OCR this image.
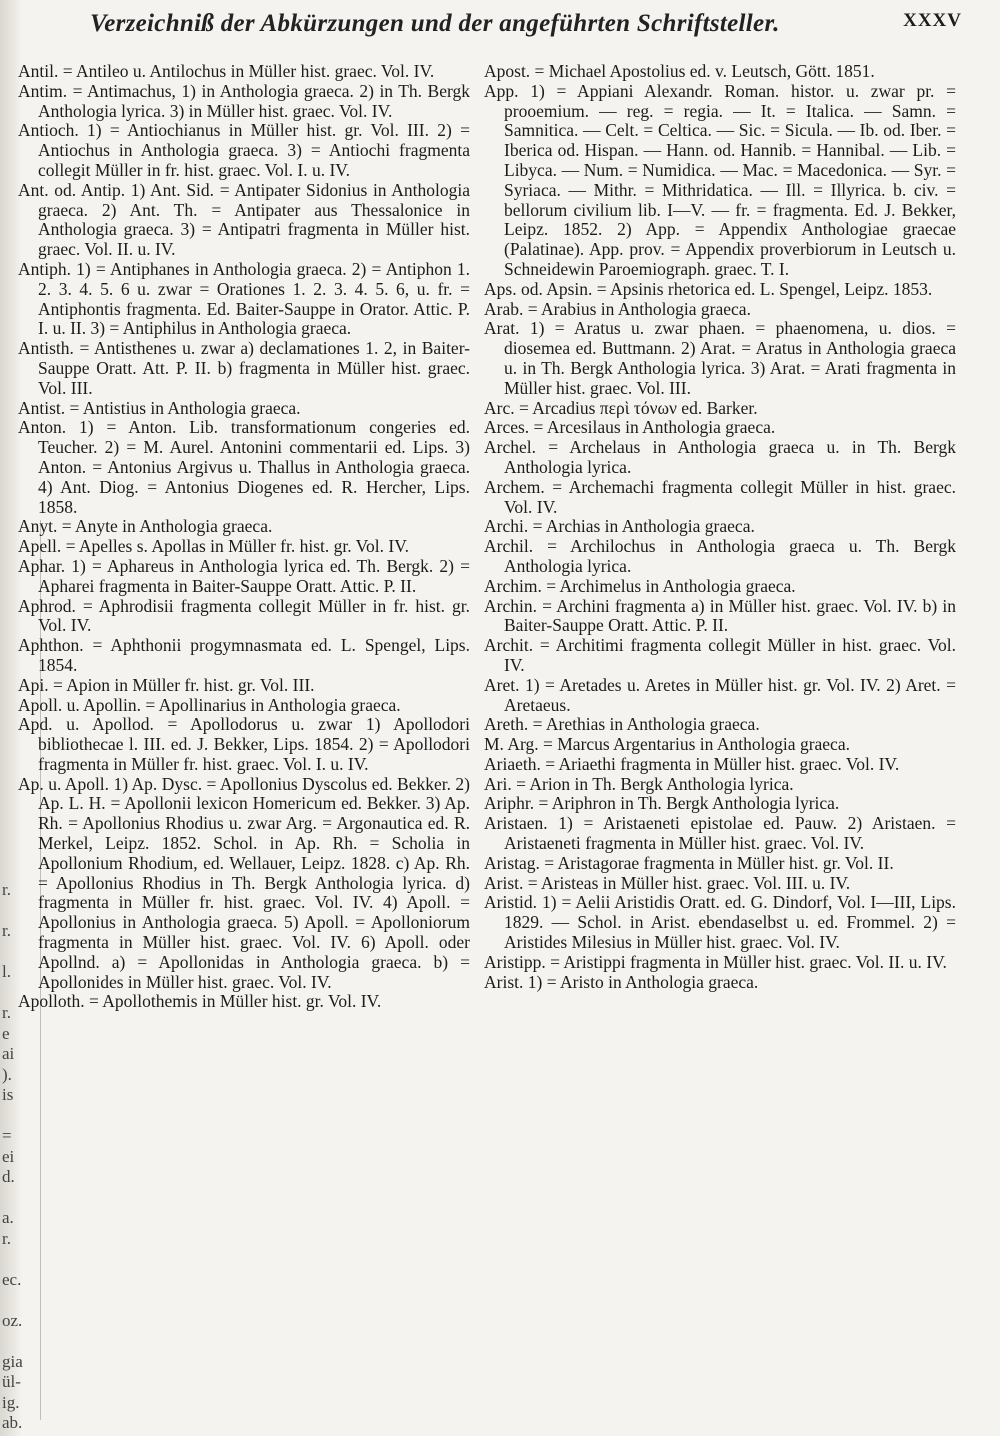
r.
r.
l.
r.
e
ai
).
is
=
ei
d.
a.
r.
ec.
oz.
gia
ül-
ig.
ab.
Verzeichniß der Abkürzungen und der angeführten Schriftsteller.	XXXV
Antil. = Antileo u. Antilochus in Müller hist. graec. Vol. IV.
Antim. = Antimachus, 1) in Anthologia graeca. 2) in Th. Bergk Anthologia lyrica. 3) in Müller hist. graec. Vol. IV.
Antioch. 1) = Antiochianus in Müller hist. gr. Vol. III. 2) = Antiochus in Anthologia graeca. 3) = Antiochi fragmenta collegit Müller in fr. hist. graec. Vol. I. u. IV.
Ant. od. Antip. 1) Ant. Sid. = Antipater Sidonius in Anthologia graeca. 2) Ant. Th. = Antipater aus Thessalonice in Anthologia graeca. 3) = Antipatri fragmenta in Müller hist. graec. Vol. II. u. IV.
Antiph. 1) = Antiphanes in Anthologia graeca. 2) = Antiphon 1. 2. 3. 4. 5. 6 u. zwar = Orationes 1. 2. 3. 4. 5. 6, u. fr. = Antiphontis fragmenta. Ed. Baiter-Sauppe in Orator. Attic. P. I. u. II. 3) = Antiphilus in Anthologia graeca.
Antisth. = Antisthenes u. zwar a) declamationes 1. 2, in Baiter-Sauppe Oratt. Att. P. II. b) fragmenta in Müller hist. graec. Vol. III.
Antist. = Antistius in Anthologia graeca.
Anton. 1) = Anton. Lib. transformationum congeries ed. Teucher. 2) = M. Aurel. Antonini commentarii ed. Lips. 3) Anton. = Antonius Argivus u. Thallus in Anthologia graeca. 4) Ant. Diog. = Antonius Diogenes ed. R. Hercher, Lips. 1858.
Anyt. = Anyte in Anthologia graeca.
Apell. = Apelles s. Apollas in Müller fr. hist. gr. Vol. IV.
Aphar. 1) = Aphareus in Anthologia lyrica ed. Th. Bergk. 2) = Apharei fragmenta in Baiter-Sauppe Oratt. Attic. P. II.
Aphrod. = Aphrodisii fragmenta collegit Müller in fr. hist. gr. Vol. IV.
Aphthon. = Aphthonii progymnasmata ed. L. Spengel, Lips. 1854.
Api. = Apion in Müller fr. hist. gr. Vol. III.
Apoll. u. Apollin. = Apollinarius in Anthologia graeca.
Apd. u. Apollod. = Apollodorus u. zwar 1) Apollodori bibliothecae l. III. ed. J. Bekker, Lips. 1854. 2) = Apollodori fragmenta in Müller fr. hist. graec. Vol. I. u. IV.
Ap. u. Apoll. 1) Ap. Dysc. = Apollonius Dyscolus ed. Bekker. 2) Ap. L. H. = Apollonii lexicon Homericum ed. Bekker. 3) Ap. Rh. = Apollonius Rhodius u. zwar Arg. = Argonautica ed. R. Merkel, Leipz. 1852. Schol. in Ap. Rh. = Scholia in Apollonium Rhodium, ed. Wellauer, Leipz. 1828. c) Ap. Rh. = Apollonius Rhodius in Th. Bergk Anthologia lyrica. d) fragmenta in Müller fr. hist. graec. Vol. IV. 4) Apoll. = Apollonius in Anthologia graeca. 5) Apoll. = Apolloniorum fragmenta in Müller hist. graec. Vol. IV. 6) Apoll. oder Apollnd. a) = Apollonidas in Anthologia graeca. b) = Apollonides in Müller hist. graec. Vol. IV.
Apolloth. = Apollothemis in Müller hist. gr. Vol. IV.
Apost. = Michael Apostolius ed. v. Leutsch, Gött. 1851.
App. 1) = Appiani Alexandr. Roman. histor. u. zwar pr. = prooemium. — reg. = regia. — It. = Italica. — Samn. = Samnitica. — Celt. = Celtica. — Sic. = Sicula. — Ib. od. Iber. = Iberica od. Hispan. — Hann. od. Hannib. = Hannibal. — Lib. = Libyca. — Num. = Numidica. — Mac. = Macedonica. — Syr. = Syriaca. — Mithr. = Mithridatica. — Ill. = Illyrica. b. civ. = bellorum civilium lib. I—V. — fr. = fragmenta. Ed. J. Bekker, Leipz. 1852. 2) App. = Appendix Anthologiae graecae (Palatinae). App. prov. = Appendix proverbiorum in Leutsch u. Schneidewin Paroemiograph. graec. T. I.
Aps. od. Apsin. = Apsinis rhetorica ed. L. Spengel, Leipz. 1853.
Arab. = Arabius in Anthologia graeca.
Arat. 1) = Aratus u. zwar phaen. = phaenomena, u. dios. = diosemea ed. Buttmann. 2) Arat. = Aratus in Anthologia graeca u. in Th. Bergk Anthologia lyrica. 3) Arat. = Arati fragmenta in Müller hist. graec. Vol. III.
Arc. = Arcadius περὶ τόνων ed. Barker.
Arces. = Arcesilaus in Anthologia graeca.
Archel. = Archelaus in Anthologia graeca u. in Th. Bergk Anthologia lyrica.
Archem. = Archemachi fragmenta collegit Müller in hist. graec. Vol. IV.
Archi. = Archias in Anthologia graeca.
Archil. = Archilochus in Anthologia graeca u. Th. Bergk Anthologia lyrica.
Archim. = Archimelus in Anthologia graeca.
Archin. = Archini fragmenta a) in Müller hist. graec. Vol. IV. b) in Baiter-Sauppe Oratt. Attic. P. II.
Archit. = Architimi fragmenta collegit Müller in hist. graec. Vol. IV.
Aret. 1) = Aretades u. Aretes in Müller hist. gr. Vol. IV. 2) Aret. = Aretaeus.
Areth. = Arethias in Anthologia graeca.
M. Arg. = Marcus Argentarius in Anthologia graeca.
Ariaeth. = Ariaethi fragmenta in Müller hist. graec. Vol. IV.
Ari. = Arion in Th. Bergk Anthologia lyrica.
Ariphr. = Ariphron in Th. Bergk Anthologia lyrica.
Aristaen. 1) = Aristaeneti epistolae ed. Pauw. 2) Aristaen. = Aristaeneti fragmenta in Müller hist. graec. Vol. IV.
Aristag. = Aristagorae fragmenta in Müller hist. gr. Vol. II.
Arist. = Aristeas in Müller hist. graec. Vol. III. u. IV.
Aristid. 1) = Aelii Aristidis Oratt. ed. G. Dindorf, Vol. I—III, Lips. 1829. — Schol. in Arist. ebendaselbst u. ed. Frommel. 2) = Aristides Milesius in Müller hist. graec. Vol. IV.
Aristipp. = Aristippi fragmenta in Müller hist. graec. Vol. II. u. IV.
Arist. 1) = Aristo in Anthologia graeca.
